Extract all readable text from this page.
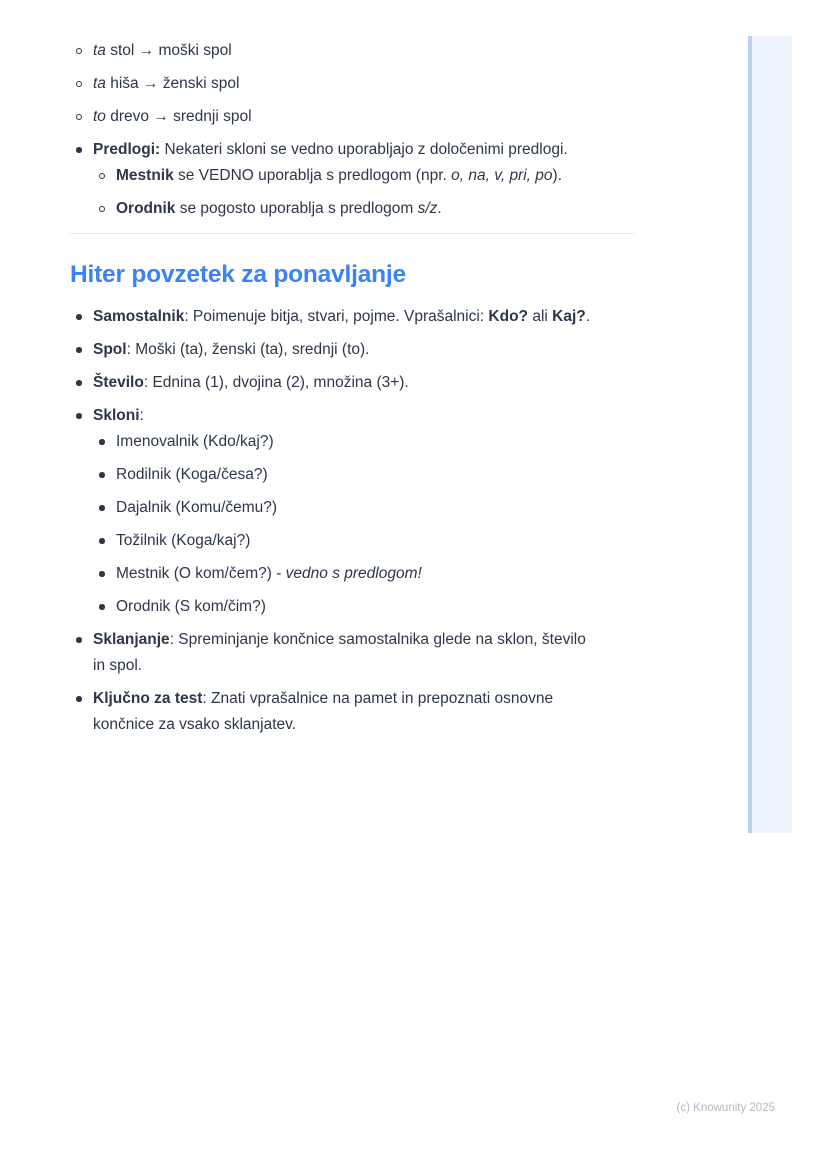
ta stol → moški spol
ta hiša → ženski spol
to drevo → srednji spol
Predlogi: Nekateri skloni se vedno uporabljajo z določenimi predlogi.
Mestnik se VEDNO uporablja s predlogom (npr. o, na, v, pri, po).
Orodnik se pogosto uporablja s predlogom s/z.
Hiter povzetek za ponavljanje
Samostalnik: Poimenuje bitja, stvari, pojme. Vprašalnici: Kdo? ali Kaj?.
Spol: Moški (ta), ženski (ta), srednji (to).
Število: Ednina (1), dvojina (2), množina (3+).
Skloni:
Imenovalnik (Kdo/kaj?)
Rodilnik (Koga/česa?)
Dajalnik (Komu/čemu?)
Tožilnik (Koga/kaj?)
Mestnik (O kom/čem?) - vedno s predlogom!
Orodnik (S kom/čim?)
Sklanjanje: Spreminjanje končnice samostalnika glede na sklon, število
in spol.
Ključno za test: Znati vprašalnice na pamet in prepoznati osnovne
končnice za vsako sklanjatev.
(c) Knowunity 2025
